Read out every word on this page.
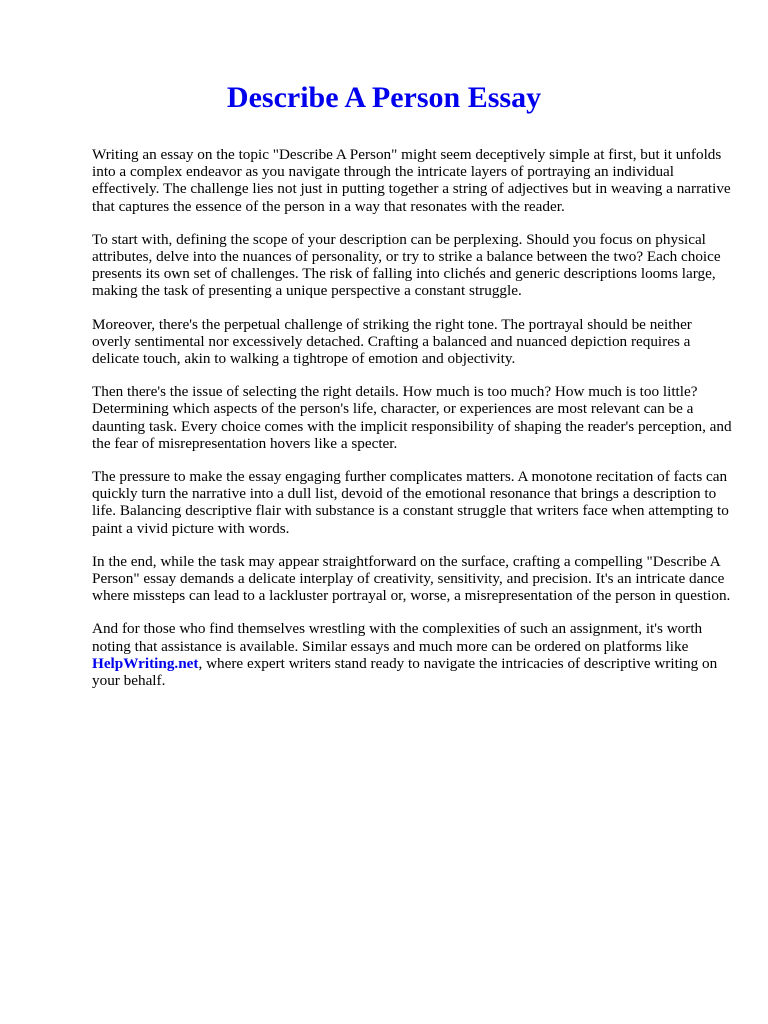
Describe A Person Essay

Writing an essay on the topic "Describe A Person" might seem deceptively simple at first, but it unfolds into a complex endeavor as you navigate through the intricate layers of portraying an individual effectively. The challenge lies not just in putting together a string of adjectives but in weaving a narrative that captures the essence of the person in a way that resonates with the reader.

To start with, defining the scope of your description can be perplexing. Should you focus on physical attributes, delve into the nuances of personality, or try to strike a balance between the two? Each choice presents its own set of challenges. The risk of falling into clichés and generic descriptions looms large, making the task of presenting a unique perspective a constant struggle.

Moreover, there's the perpetual challenge of striking the right tone. The portrayal should be neither overly sentimental nor excessively detached. Crafting a balanced and nuanced depiction requires a delicate touch, akin to walking a tightrope of emotion and objectivity.

Then there's the issue of selecting the right details. How much is too much? How much is too little? Determining which aspects of the person's life, character, or experiences are most relevant can be a daunting task. Every choice comes with the implicit responsibility of shaping the reader's perception, and the fear of misrepresentation hovers like a specter.

The pressure to make the essay engaging further complicates matters. A monotone recitation of facts can quickly turn the narrative into a dull list, devoid of the emotional resonance that brings a description to life. Balancing descriptive flair with substance is a constant struggle that writers face when attempting to paint a vivid picture with words.

In the end, while the task may appear straightforward on the surface, crafting a compelling "Describe A Person" essay demands a delicate interplay of creativity, sensitivity, and precision. It's an intricate dance where missteps can lead to a lackluster portrayal or, worse, a misrepresentation of the person in question.

And for those who find themselves wrestling with the complexities of such an assignment, it's worth noting that assistance is available. Similar essays and much more can be ordered on platforms like HelpWriting.net, where expert writers stand ready to navigate the intricacies of descriptive writing on your behalf.
